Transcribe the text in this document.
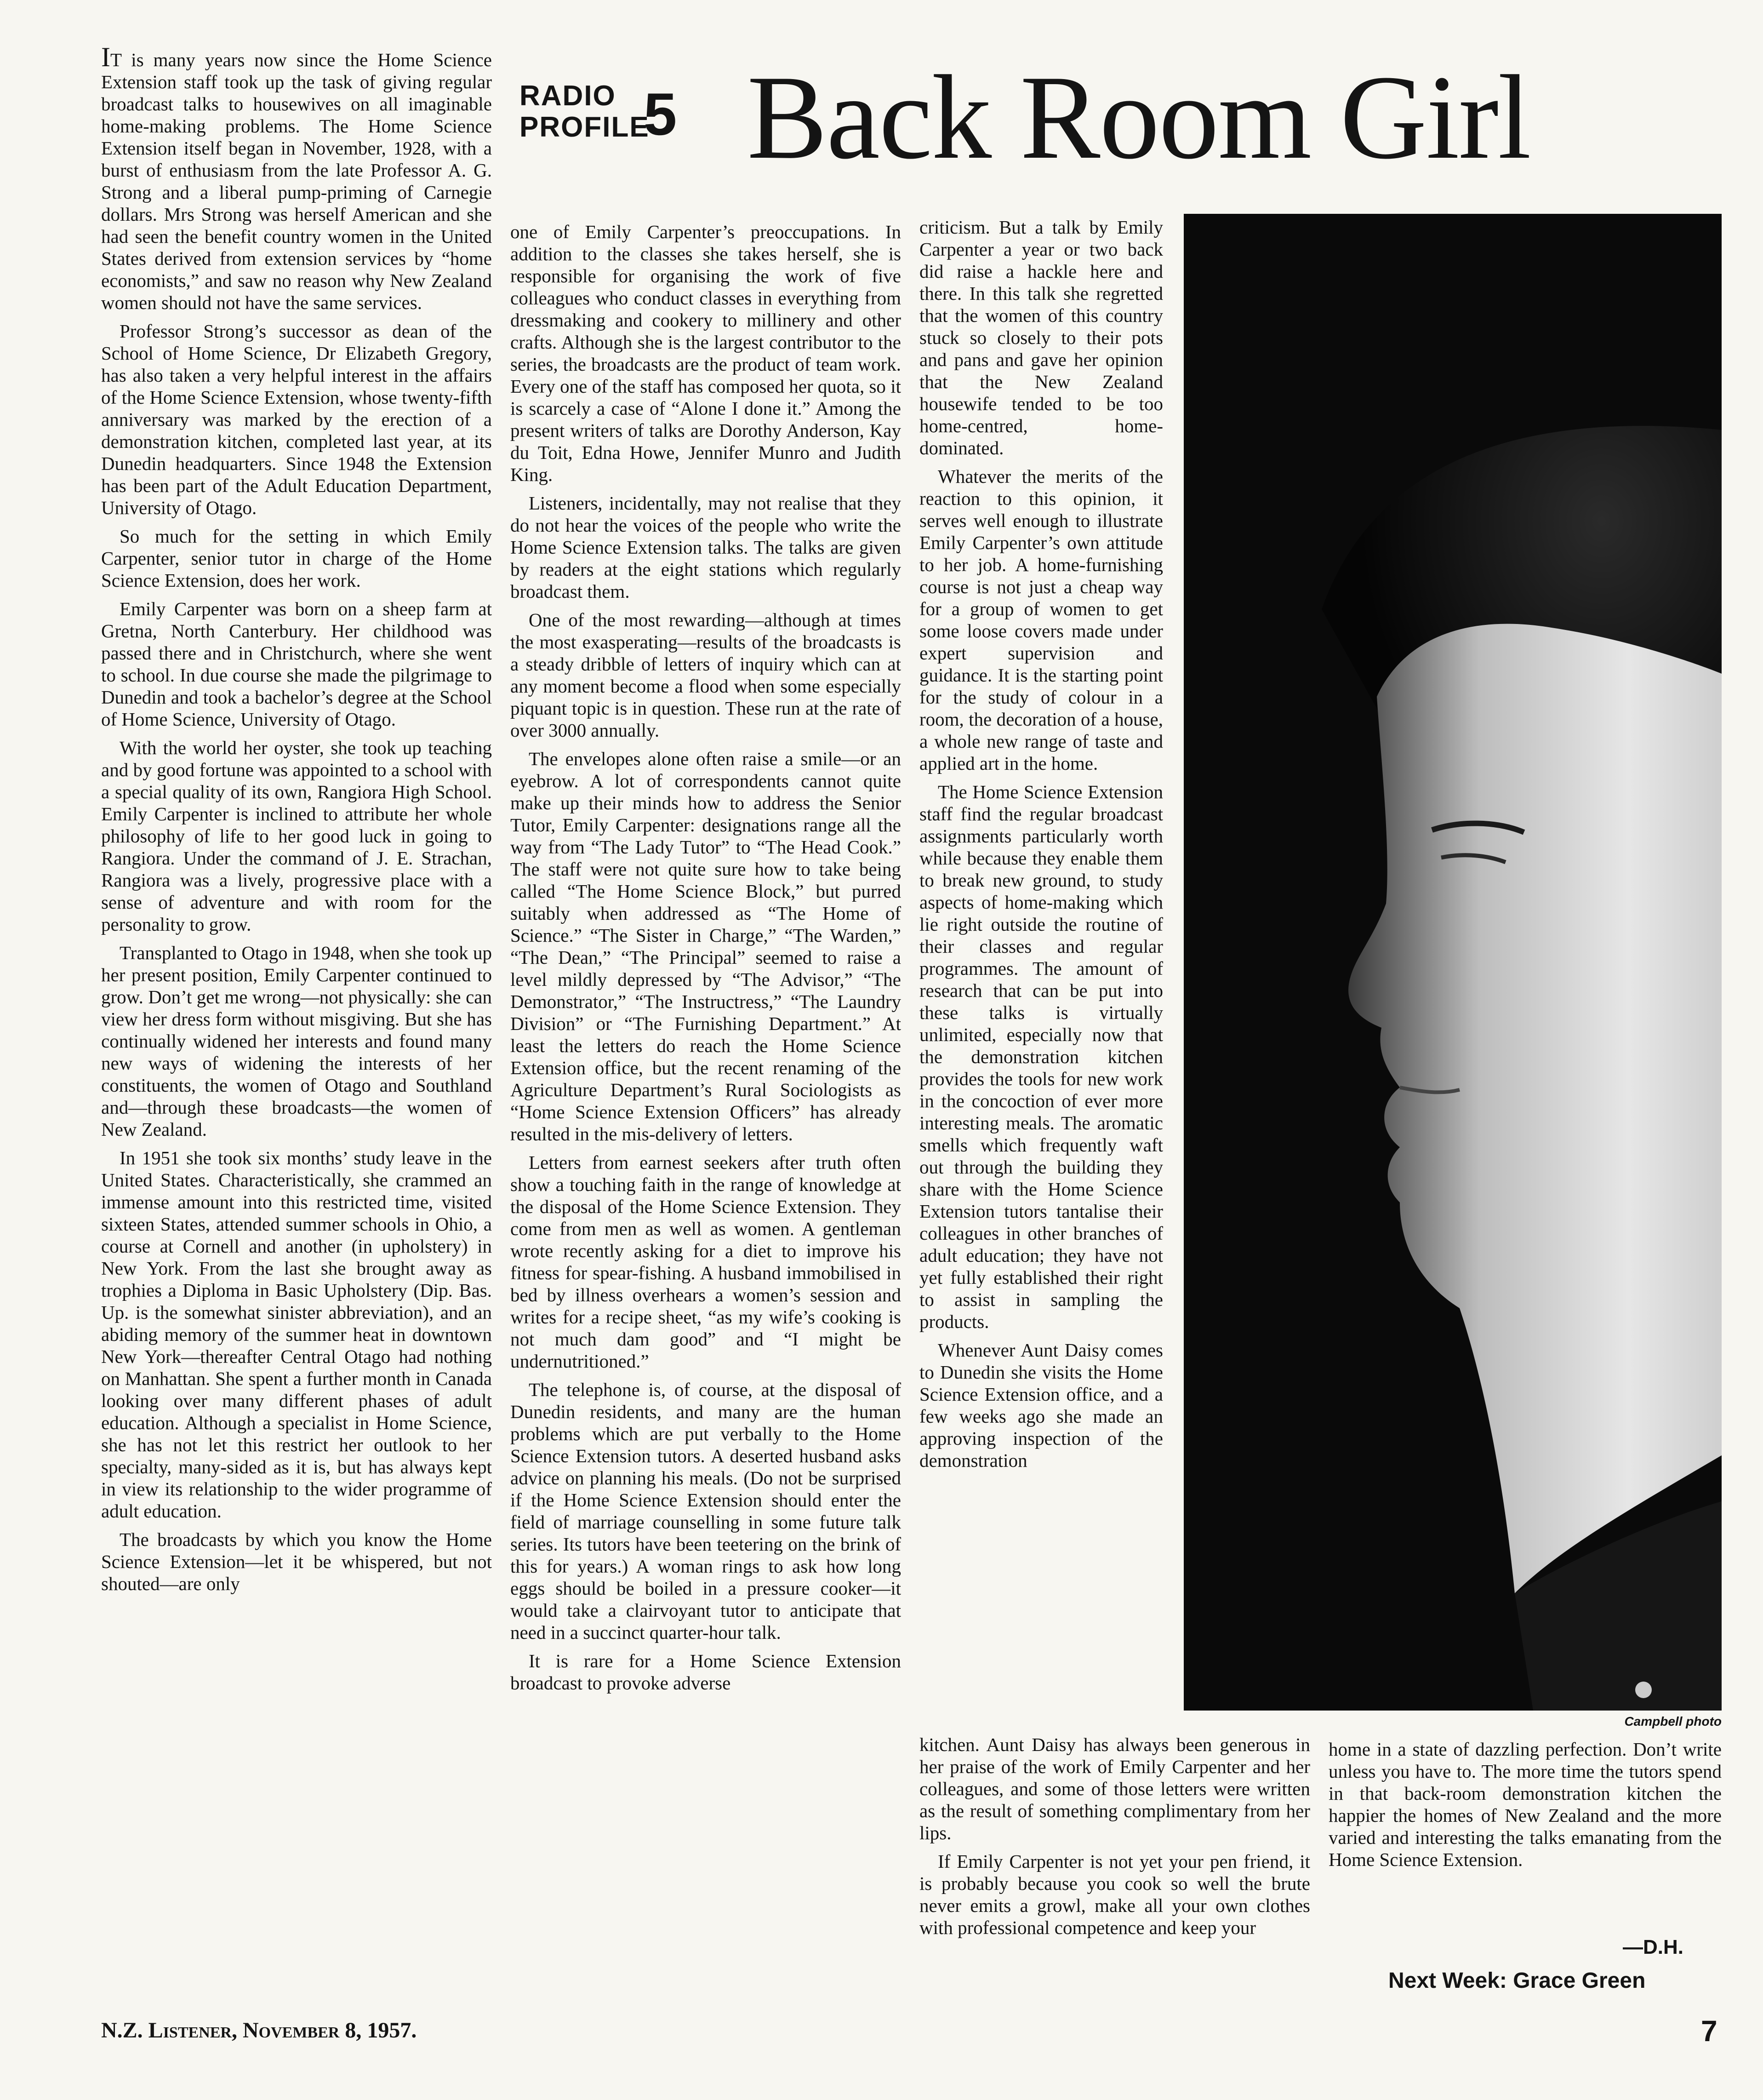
RADIO
PROFILE
5 Back Room Girl

IT is many years now since the Home Science Extension staff took up the task of giving regular broadcast talks to housewives on all imaginable home-making problems. The Home Science Extension itself began in November, 1928, with a burst of enthusiasm from the late Professor A. G. Strong and a liberal pump-priming of Carnegie dollars. Mrs Strong was herself American and she had seen the benefit country women in the United States derived from extension services by “home economists,” and saw no reason why New Zealand women should not have the same services.

Professor Strong’s successor as dean of the School of Home Science, Dr Elizabeth Gregory, has also taken a very helpful interest in the affairs of the Home Science Extension, whose twenty-fifth anniversary was marked by the erection of a demonstration kitchen, completed last year, at its Dunedin headquarters. Since 1948 the Extension has been part of the Adult Education Department, University of Otago.

So much for the setting in which Emily Carpenter, senior tutor in charge of the Home Science Extension, does her work.

Emily Carpenter was born on a sheep farm at Gretna, North Canterbury. Her childhood was passed there and in Christchurch, where she went to school. In due course she made the pilgrimage to Dunedin and took a bachelor’s degree at the School of Home Science, University of Otago.

With the world her oyster, she took up teaching and by good fortune was appointed to a school with a special quality of its own, Rangiora High School. Emily Carpenter is inclined to attribute her whole philosophy of life to her good luck in going to Rangiora. Under the command of J. E. Strachan, Rangiora was a lively, progressive place with a sense of adventure and with room for the personality to grow.

Transplanted to Otago in 1948, when she took up her present position, Emily Carpenter continued to grow. Don’t get me wrong—not physically: she can view her dress form without misgiving. But she has continually widened her interests and found many new ways of widening the interests of her constituents, the women of Otago and Southland and—through these broadcasts—the women of New Zealand.

In 1951 she took six months’ study leave in the United States. Characteristically, she crammed an immense amount into this restricted time, visited sixteen States, attended summer schools in Ohio, a course at Cornell and another (in upholstery) in New York. From the last she brought away as trophies a Diploma in Basic Upholstery (Dip. Bas. Up. is the somewhat sinister abbreviation), and an abiding memory of the summer heat in downtown New York—thereafter Central Otago had nothing on Manhattan. She spent a further month in Canada looking over many different phases of adult education. Although a specialist in Home Science, she has not let this restrict her outlook to her specialty, many-sided as it is, but has always kept in view its relationship to the wider programme of adult education.

The broadcasts by which you know the Home Science Extension—let it be whispered, but not shouted—are only

one of Emily Carpenter’s preoccupations. In addition to the classes she takes herself, she is responsible for organising the work of five colleagues who conduct classes in everything from dressmaking and cookery to millinery and other crafts. Although she is the largest contributor to the series, the broadcasts are the product of team work. Every one of the staff has composed her quota, so it is scarcely a case of “Alone I done it.” Among the present writers of talks are Dorothy Anderson, Kay du Toit, Edna Howe, Jennifer Munro and Judith King.

Listeners, incidentally, may not realise that they do not hear the voices of the people who write the Home Science Extension talks. The talks are given by readers at the eight stations which regularly broadcast them.

One of the most rewarding—although at times the most exasperating—results of the broadcasts is a steady dribble of letters of inquiry which can at any moment become a flood when some especially piquant topic is in question. These run at the rate of over 3000 annually.

The envelopes alone often raise a smile—or an eyebrow. A lot of correspondents cannot quite make up their minds how to address the Senior Tutor, Emily Carpenter: designations range all the way from “The Lady Tutor” to “The Head Cook.” The staff were not quite sure how to take being called “The Home Science Block,” but purred suitably when addressed as “The Home of Science.” “The Sister in Charge,” “The Warden,” “The Dean,” “The Principal” seemed to raise a level mildly depressed by “The Advisor,” “The Demonstrator,” “The Instructress,” “The Laundry Division” or “The Furnishing Department.” At least the letters do reach the Home Science Extension office, but the recent renaming of the Agriculture Department’s Rural Sociologists as “Home Science Extension Officers” has already resulted in the mis-delivery of letters.

Letters from earnest seekers after truth often show a touching faith in the range of knowledge at the disposal of the Home Science Extension. They come from men as well as women. A gentleman wrote recently asking for a diet to improve his fitness for spear-fishing. A husband immobilised in bed by illness overhears a women’s session and writes for a recipe sheet, “as my wife’s cooking is not much dam good” and “I might be undernutritioned.”

The telephone is, of course, at the disposal of Dunedin residents, and many are the human problems which are put verbally to the Home Science Extension tutors. A deserted husband asks advice on planning his meals. (Do not be surprised if the Home Science Extension should enter the field of marriage counselling in some future talk series. Its tutors have been teetering on the brink of this for years.) A woman rings to ask how long eggs should be boiled in a pressure cooker—it would take a clairvoyant tutor to anticipate that need in a succinct quarter-hour talk.

It is rare for a Home Science Extension broadcast to provoke adverse

criticism. But a talk by Emily Carpenter a year or two back did raise a hackle here and there. In this talk she regretted that the women of this country stuck so closely to their pots and pans and gave her opinion that the New Zealand housewife tended to be too home-centred, home-dominated.

Whatever the merits of the reaction to this opinion, it serves well enough to illustrate Emily Carpenter’s own attitude to her job. A home-furnishing course is not just a cheap way for a group of women to get some loose covers made under expert supervision and guidance. It is the starting point for the study of colour in a room, the decoration of a house, a whole new range of taste and applied art in the home.

The Home Science Extension staff find the regular broadcast assignments particularly worth while because they enable them to break new ground, to study aspects of home-making which lie right outside the routine of their classes and regular programmes. The amount of research that can be put into these talks is virtually unlimited, especially now that the demonstration kitchen provides the tools for new work in the concoction of ever more interesting meals. The aromatic smells which frequently waft out through the building they share with the Home Science Extension tutors tantalise their colleagues in other branches of adult education; they have not yet fully established their right to assist in sampling the products.

Whenever Aunt Daisy comes to Dunedin she visits the Home Science Extension office, and a few weeks ago she made an approving inspection of the demonstration

kitchen. Aunt Daisy has always been generous in her praise of the work of Emily Carpenter and her colleagues, and some of those letters were written as the result of something complimentary from her lips.

If Emily Carpenter is not yet your pen friend, it is probably because you cook so well the brute never emits a growl, make all your own clothes with professional competence and keep your

home in a state of dazzling perfection. Don’t write unless you have to. The more time the tutors spend in that back-room demonstration kitchen the happier the homes of New Zealand and the more varied and interesting the talks emanating from the Home Science Extension.

Campbell photo
—D.H.
Next Week: Grace Green
N.Z. Listener, November 8, 1957.	7
